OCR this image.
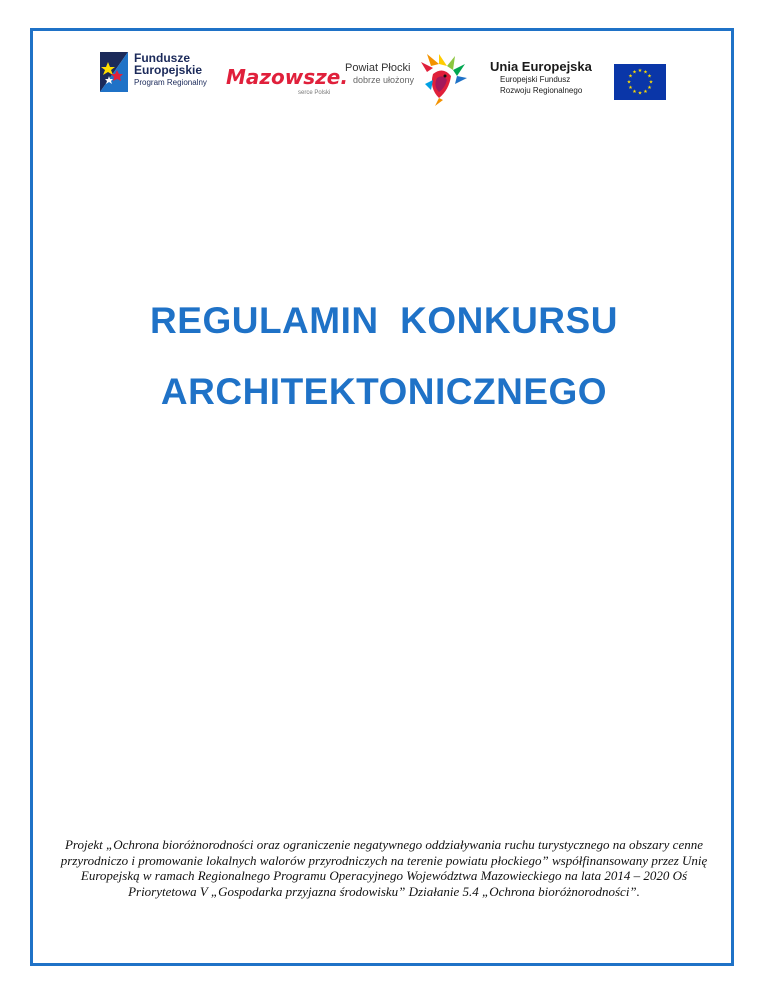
Fundusze
Europejskie
Program Regionalny Mazowsze.
serce Polski
Powiat Płocki
dobrze ułożony
Unia Europejska
Europejski Fundusz
Rozwoju Regionalnego
★ ★
★
★
★
★
★
★
★
★
★
★
REGULAMIN  KONKURSU
ARCHITEKTONICZNEGO
Projekt „Ochrona bioróżnorodności oraz ograniczenie negatywnego oddziaływania ruchu turystycznego na obszary cenne przyrodniczo i promowanie lokalnych walorów przyrodniczych na terenie powiatu płockiego” współfinansowany przez Unię Europejską w ramach Regionalnego Programu Operacyjnego Województwa Mazowieckiego na lata 2014 – 2020 Oś Priorytetowa V „Gospodarka przyjazna środowisku” Działanie 5.4 „Ochrona bioróżnorodności”.
